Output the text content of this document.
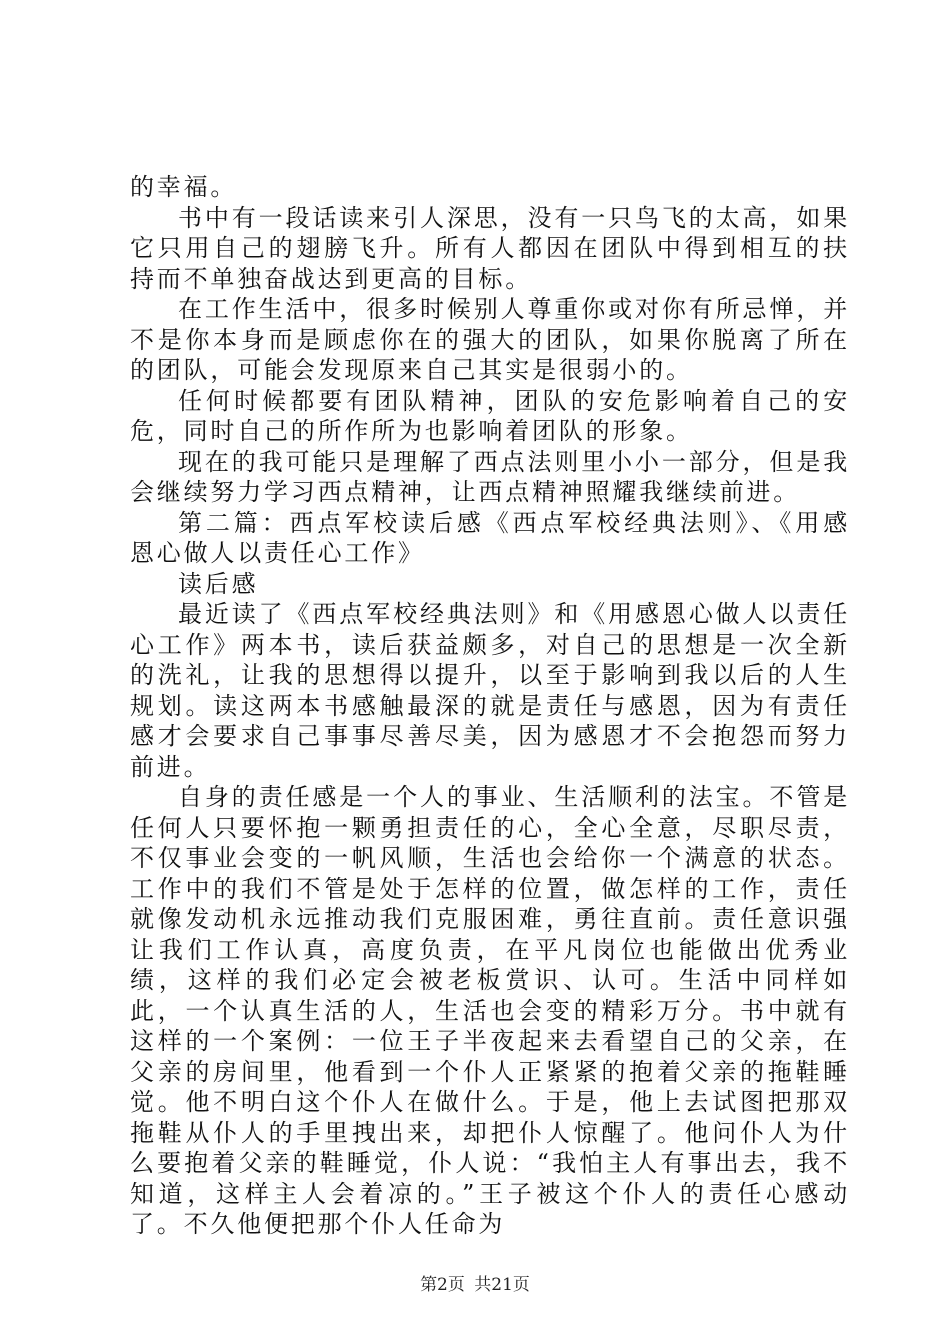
的幸福。

书中有一段话读来引人深思，没有一只鸟飞的太高，如果它只用自己的翅膀飞升。所有人都因在团队中得到相互的扶持而不单独奋战达到更高的目标。

在工作生活中，很多时候别人尊重你或对你有所忌惮，并不是你本身而是顾虑你在的强大的团队，如果你脱离了所在的团队，可能会发现原来自己其实是很弱小的。

任何时候都要有团队精神，团队的安危影响着自己的安危，同时自己的所作所为也影响着团队的形象。

现在的我可能只是理解了西点法则里小小一部分，但是我会继续努力学习西点精神，让西点精神照耀我继续前进。

第二篇：西点军校读后感《西点军校经典法则》、《用感恩心做人以责任心工作》

读后感

最近读了《西点军校经典法则》和《用感恩心做人以责任心工作》两本书，读后获益颇多，对自己的思想是一次全新的洗礼，让我的思想得以提升，以至于影响到我以后的人生规划。读这两本书感触最深的就是责任与感恩，因为有责任感才会要求自己事事尽善尽美，因为感恩才不会抱怨而努力前进。

自身的责任感是一个人的事业、生活顺利的法宝。不管是任何人只要怀抱一颗勇担责任的心，全心全意，尽职尽责，不仅事业会变的一帆风顺，生活也会给你一个满意的状态。工作中的我们不管是处于怎样的位置，做怎样的工作，责任就像发动机永远推动我们克服困难，勇往直前。责任意识强让我们工作认真，高度负责，在平凡岗位也能做出优秀业绩，这样的我们必定会被老板赏识、认可。生活中同样如此，一个认真生活的人，生活也会变的精彩万分。书中就有这样的一个案例：一位王子半夜起来去看望自己的父亲，在父亲的房间里，他看到一个仆人正紧紧的抱着父亲的拖鞋睡觉。他不明白这个仆人在做什么。于是，他上去试图把那双拖鞋从仆人的手里拽出来，却把仆人惊醒了。他问仆人为什么要抱着父亲的鞋睡觉，仆人说：“我怕主人有事出去，我不知道，这样主人会着凉的。”王子被这个仆人的责任心感动了。不久他便把那个仆人任命为

第2页 共21页
